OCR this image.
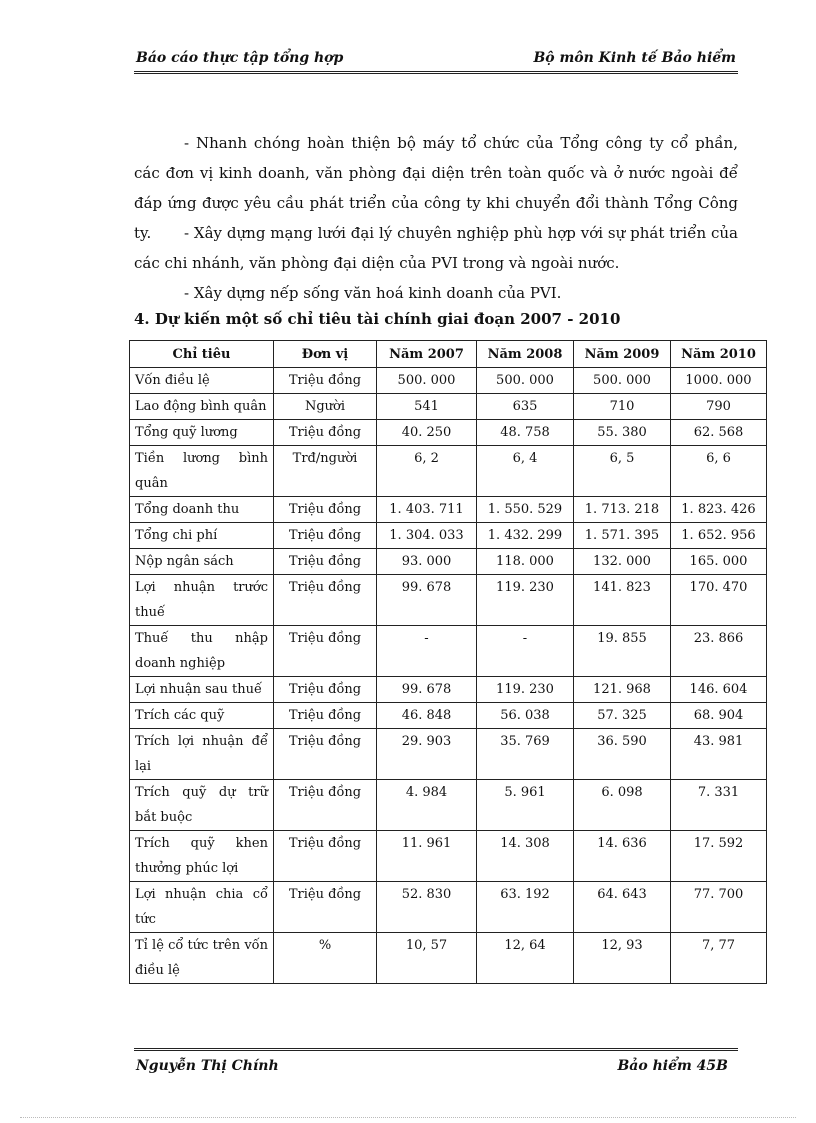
Báo cáo thực tập tổng hợp	Bộ môn Kinh tế Bảo hiểm
- Nhanh chóng hoàn thiện bộ máy tổ chức của Tổng công ty cổ phần, các đơn vị kinh doanh, văn phòng đại diện trên toàn quốc và ở nước ngoài để đáp ứng được yêu cầu phát triển của công ty khi chuyển đổi thành Tổng Công ty.	- Xây dựng mạng lưới đại lý chuyên nghiệp phù hợp với sự phát triển của các chi nhánh, văn phòng đại diện của PVI trong và ngoài nước.
- Xây dựng nếp sống văn hoá kinh doanh của PVI.
4. Dự kiến một số chỉ tiêu tài chính giai đoạn 2007 - 2010
Chỉ tiêu	Đơn vị	Năm 2007	Năm 2008	Năm 2009	Năm 2010
Vốn điều lệ	Triệu đồng	500. 000	500. 000	500. 000	1000. 000
Lao động bình quân	Người	541	635	710	790
Tổng quỹ lương	Triệu đồng	40. 250	48. 758	55. 380	62. 568
Tiền lương bình quân	Trđ/người	6, 2	6, 4	6, 5	6, 6
Tổng doanh thu	Triệu đồng	1. 403. 711	1. 550. 529	1. 713. 218	1. 823. 426
Tổng chi phí	Triệu đồng	1. 304. 033	1. 432. 299	1. 571. 395	1. 652. 956
Nộp ngân sách	Triệu đồng	93. 000	118. 000	132. 000	165. 000
Lợi nhuận trước thuế	Triệu đồng	99. 678	119. 230	141. 823	170. 470
Thuế thu nhập doanh nghiệp	Triệu đồng	-	-	19. 855	23. 866
Lợi nhuận sau thuế	Triệu đồng	99. 678	119. 230	121. 968	146. 604
Trích các quỹ	Triệu đồng	46. 848	56. 038	57. 325	68. 904
Trích lợi nhuận để lại	Triệu đồng	29. 903	35. 769	36. 590	43. 981
Trích quỹ dự trữ bắt buộc	Triệu đồng	4. 984	5. 961	6. 098	7. 331
Trích quỹ khen thưởng phúc lợi	Triệu đồng	11. 961	14. 308	14. 636	17. 592
Lợi nhuận chia cổ tức	Triệu đồng	52. 830	63. 192	64. 643	77. 700
Tỉ lệ cổ tức trên vốn điều lệ	%	10, 57	12, 64	12, 93	7, 77
Nguyễn Thị Chính	Bảo hiểm 45B
